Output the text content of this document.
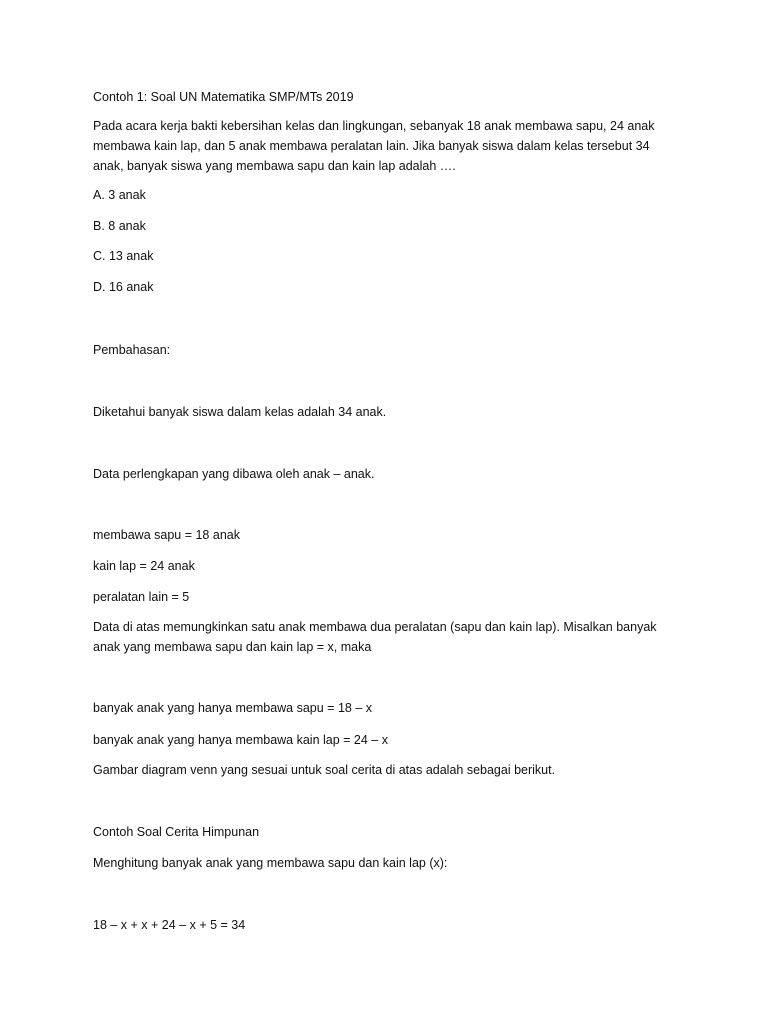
Contoh 1: Soal UN Matematika SMP/MTs 2019
Pada acara kerja bakti kebersihan kelas dan lingkungan, sebanyak 18 anak membawa sapu, 24 anak
membawa kain lap, dan 5 anak membawa peralatan lain. Jika banyak siswa dalam kelas tersebut 34
anak, banyak siswa yang membawa sapu dan kain lap adalah ….
A. 3 anak
B. 8 anak
C. 13 anak
D. 16 anak
Pembahasan:
Diketahui banyak siswa dalam kelas adalah 34 anak.
Data perlengkapan yang dibawa oleh anak – anak.
membawa sapu = 18 anak
kain lap = 24 anak
peralatan lain = 5
Data di atas memungkinkan satu anak membawa dua peralatan (sapu dan kain lap). Misalkan banyak
anak yang membawa sapu dan kain lap = x, maka
banyak anak yang hanya membawa sapu = 18 – x
banyak anak yang hanya membawa kain lap = 24 – x
Gambar diagram venn yang sesuai untuk soal cerita di atas adalah sebagai berikut.
Contoh Soal Cerita Himpunan
Menghitung banyak anak yang membawa sapu dan kain lap (x):
18 – x + x + 24 – x + 5 = 34
